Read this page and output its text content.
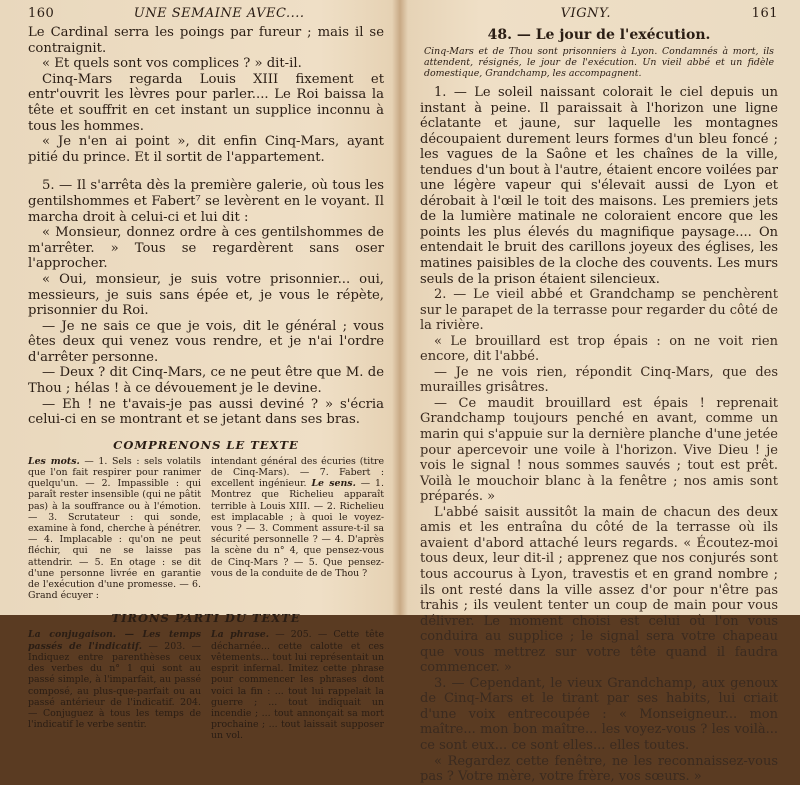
160	UNE SEMAINE AVEC....

Le Cardinal serra les poings par fureur ; mais il se contraignit.

« Et quels sont vos complices ? » dit-il.

Cinq-Mars regarda Louis XIII fixement et entr'ouvrit les lèvres pour parler.... Le Roi baissa la tête et souffrit en cet instant un supplice inconnu à tous les hommes.

« Je n'en ai point », dit enfin Cinq-Mars, ayant pitié du prince. Et il sortit de l'appartement.

5. — Il s'arrêta dès la première galerie, où tous les gentilshommes et Fabert⁷ se levèrent en le voyant. Il marcha droit à celui-ci et lui dit :

« Monsieur, donnez ordre à ces gentilshommes de m'arrêter. » Tous se regardèrent sans oser l'approcher.

« Oui, monsieur, je suis votre prisonnier... oui, messieurs, je suis sans épée et, je vous le répète, prisonnier du Roi.

— Je ne sais ce que je vois, dit le général ; vous êtes deux qui venez vous rendre, et je n'ai l'ordre d'arrêter personne.

— Deux ? dit Cinq-Mars, ce ne peut être que M. de Thou ; hélas ! à ce dévouement je le devine.

— Eh ! ne t'avais-je pas aussi deviné ? » s'écria celui-ci en se montrant et se jetant dans ses bras.

COMPRENONS LE TEXTE
Les mots. — 1. Sels : sels volatils que l'on fait respirer pour ranimer quelqu'un. — 2. Impassible : qui paraît rester insensible (qui ne pâtit pas) à la souffrance ou à l'émotion. — 3. Scrutateur : qui sonde, examine à fond, cherche à pénétrer. — 4. Implacable : qu'on ne peut fléchir, qui ne se laisse pas attendrir. — 5. En otage : se dit d'une personne livrée en garantie de l'exécution d'une promesse. — 6. Grand écuyer :
intendant général des écuries (titre de Cinq-Mars). — 7. Fabert : excellent ingénieur. Le sens. — 1. Montrez que Richelieu apparaît terrible à Louis XIII. — 2. Richelieu est implacable ; à quoi le voyez-vous ? — 3. Comment assure-t-il sa sécurité personnelle ? — 4. D'après la scène du n° 4, que pensez-vous de Cinq-Mars ? — 5. Que pensez-vous de la conduite de de Thou ?
TIRONS PARTI DU TEXTE
La conjugaison. — Les temps passés de l'indicatif. — 203. — Indiquez entre parenthèses ceux des verbes du n° 1 qui sont au passé simple, à l'imparfait, au passé composé, au plus-que-parfait ou au passé antérieur de l'indicatif. 204. — Conjuguez à tous les temps de l'indicatif le verbe sentir.
La phrase. — 205. — Cette tête décharnée... cette calotte et ces vêtements... tout lui représentait un esprit infernal. Imitez cette phrase pour commencer les phrases dont voici la fin : ... tout lui rappelait la guerre ; ... tout indiquait un incendie ; ... tout annonçait sa mort prochaine ; ... tout laissait supposer un vol.
VIGNY.	161
48. — Le jour de l'exécution.
Cinq-Mars et de Thou sont prisonniers à Lyon. Condamnés à mort, ils attendent, résignés, le jour de l'exécution. Un vieil abbé et un fidèle domestique, Grandchamp, les accompagnent.

1. — Le soleil naissant colorait le ciel depuis un instant à peine. Il paraissait à l'horizon une ligne éclatante et jaune, sur laquelle les montagnes découpaient durement leurs formes d'un bleu foncé ; les vagues de la Saône et les chaînes de la ville, tendues d'un bout à l'autre, étaient encore voilées par une légère vapeur qui s'élevait aussi de Lyon et dérobait à l'œil le toit des maisons. Les premiers jets de la lumière matinale ne coloraient encore que les points les plus élevés du magnifique paysage.... On entendait le bruit des carillons joyeux des églises, les matines paisibles de la cloche des couvents. Les murs seuls de la prison étaient silencieux.

2. — Le vieil abbé et Grandchamp se penchèrent sur le parapet de la terrasse pour regarder du côté de la rivière.

« Le brouillard est trop épais : on ne voit rien encore, dit l'abbé.

— Je ne vois rien, répondit Cinq-Mars, que des murailles grisâtres.

— Ce maudit brouillard est épais ! reprenait Grandchamp toujours penché en avant, comme un marin qui s'appuie sur la dernière planche d'une jetée pour apercevoir une voile à l'horizon. Vive Dieu ! je vois le signal ! nous sommes sauvés ; tout est prêt. Voilà le mouchoir blanc à la fenêtre ; nos amis sont préparés. »

L'abbé saisit aussitôt la main de chacun des deux amis et les entraîna du côté de la terrasse où ils avaient d'abord attaché leurs regards. « Écoutez-moi tous deux, leur dit-il ; apprenez que nos conjurés sont tous accourus à Lyon, travestis et en grand nombre ; ils ont resté dans la ville assez d'or pour n'être pas trahis ; ils veulent tenter un coup de main pour vous délivrer. Le moment choisi est celui où l'on vous conduira au supplice ; le signal sera votre chapeau que vous mettrez sur votre tête quand il faudra commencer. »

3. — Cependant, le vieux Grandchamp, aux genoux de Cinq-Mars et le tirant par ses habits, lui criait d'une voix entrecoupée : « Monseigneur... mon maître... mon bon maître... les voyez-vous ? les voilà... ce sont eux... ce sont elles... elles toutes.

« Regardez cette fenêtre, ne les reconnaissez-vous pas ? Votre mère, votre frère, vos sœurs. »
